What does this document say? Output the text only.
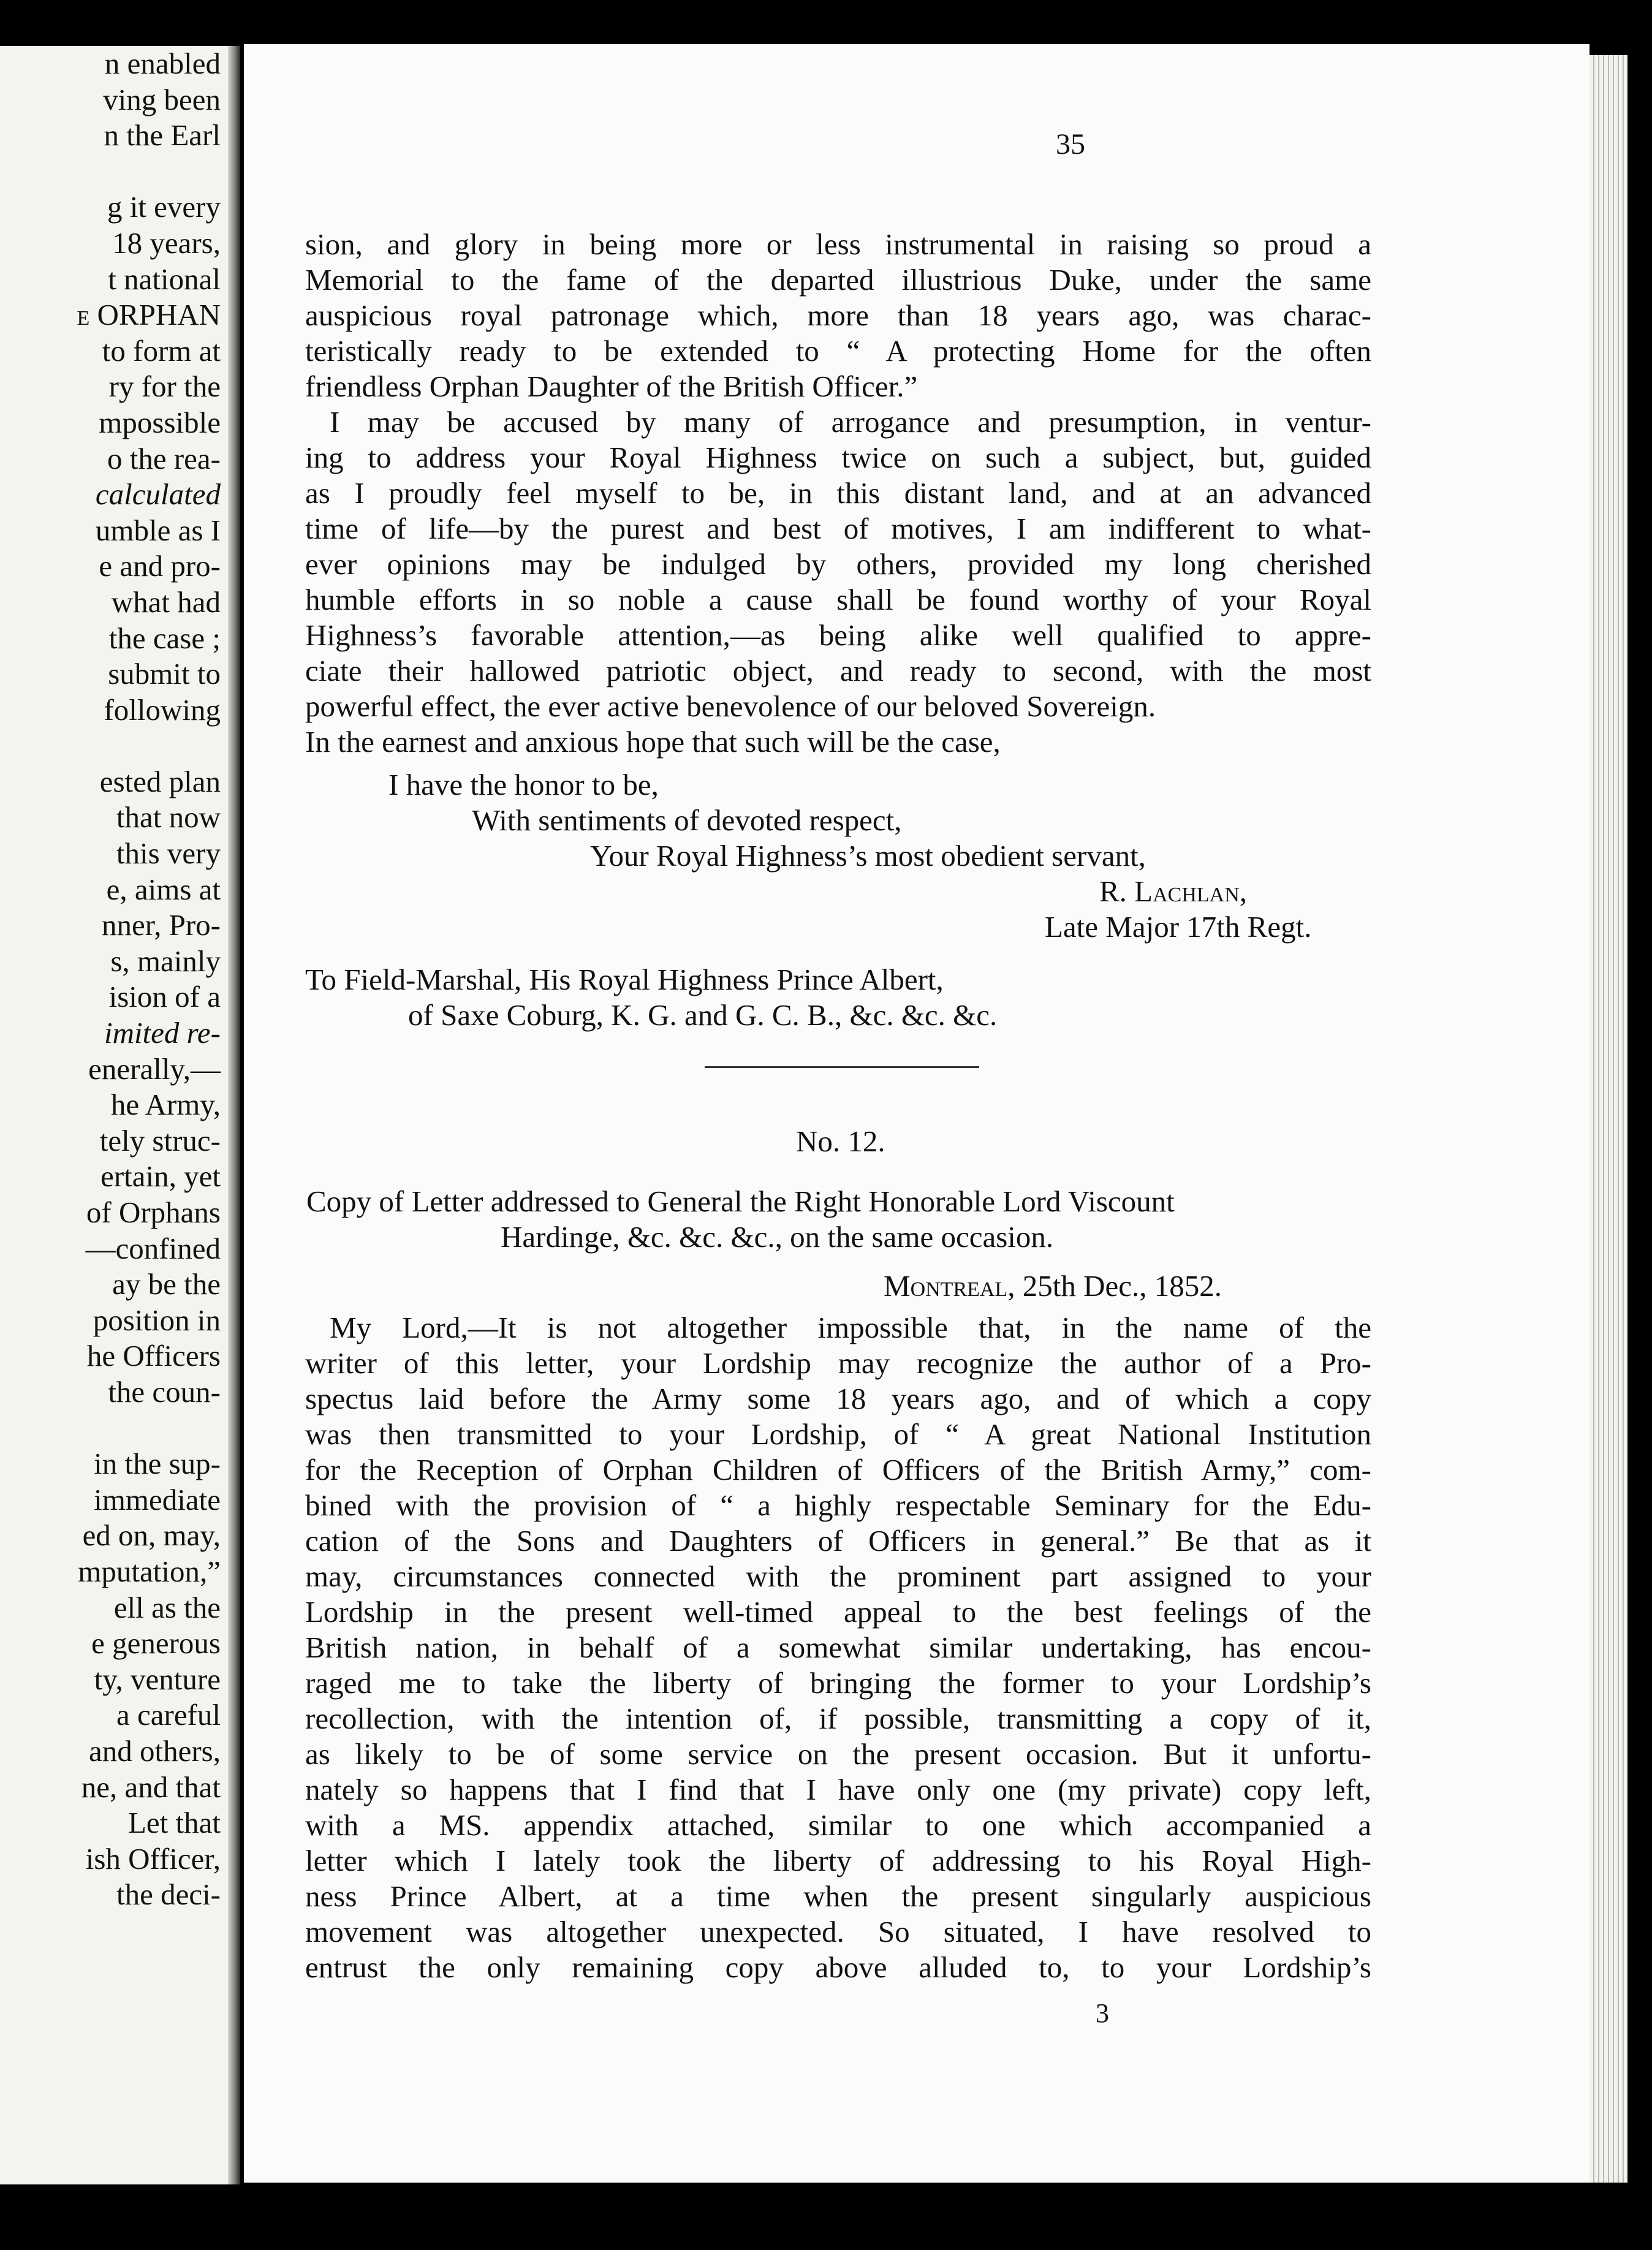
n enabled
ving been
n the Earl
g it every
18 years,
t national
e ORPHAN
to form at
ry for the
mpossible
o the rea-
calculated
umble as I
e and pro-
what had
the case ;
submit to
following
ested plan
that now
this very
e, aims at
nner, Pro-
s, mainly
ision of a
imited re-
enerally,—
he Army,
tely struc-
ertain, yet
of Orphans
—confined
ay be the
position in
he Officers
the coun-
in the sup-
immediate
ed on, may,
mputation,”
ell as the
e generous
ty, venture
a careful
and others,
ne, and that
Let that
ish Officer,
the deci-
35
sion, and glory in being more or less instrumental in raising so proud a
Memorial to the fame of the departed illustrious Duke, under the same
auspicious royal patronage which, more than 18 years ago, was charac-
teristically ready to be extended to “ A protecting Home for the often
friendless Orphan Daughter of the British Officer.”
I may be accused by many of arrogance and presumption, in ventur-
ing to address your Royal Highness twice on such a subject, but, guided
as I proudly feel myself to be, in this distant land, and at an advanced
time of life—by the purest and best of motives, I am indifferent to what-
ever opinions may be indulged by others, provided my long cherished
humble efforts in so noble a cause shall be found worthy of your Royal
Highness’s favorable attention,—as being alike well qualified to appre-
ciate their hallowed patriotic object, and ready to second, with the most
powerful effect, the ever active benevolence of our beloved Sovereign.
In the earnest and anxious hope that such will be the case,
I have the honor to be,
With sentiments of devoted respect,
Your Royal Highness’s most obedient servant,
R. Lachlan,
Late Major 17th Regt.
To Field-Marshal, His Royal Highness Prince Albert,
of Saxe Coburg, K. G. and G. C. B., &c. &c. &c.
No. 12.
Copy of Letter addressed to General the Right Honorable Lord Viscount
Hardinge, &c. &c. &c., on the same occasion.
Montreal, 25th Dec., 1852.
My Lord,—It is not altogether impossible that, in the name of the
writer of this letter, your Lordship may recognize the author of a Pro-
spectus laid before the Army some 18 years ago, and of which a copy
was then transmitted to your Lordship, of “ A great National Institution
for the Reception of Orphan Children of Officers of the British Army,” com-
bined with the provision of “ a highly respectable Seminary for the Edu-
cation of the Sons and Daughters of Officers in general.” Be that as it
may, circumstances connected with the prominent part assigned to your
Lordship in the present well-timed appeal to the best feelings of the
British nation, in behalf of a somewhat similar undertaking, has encou-
raged me to take the liberty of bringing the former to your Lordship’s
recollection, with the intention of, if possible, transmitting a copy of it,
as likely to be of some service on the present occasion. But it unfortu-
nately so happens that I find that I have only one (my private) copy left,
with a MS. appendix attached, similar to one which accompanied a
letter which I lately took the liberty of addressing to his Royal High-
ness Prince Albert, at a time when the present singularly auspicious
movement was altogether unexpected. So situated, I have resolved to
entrust the only remaining copy above alluded to, to your Lordship’s
3
